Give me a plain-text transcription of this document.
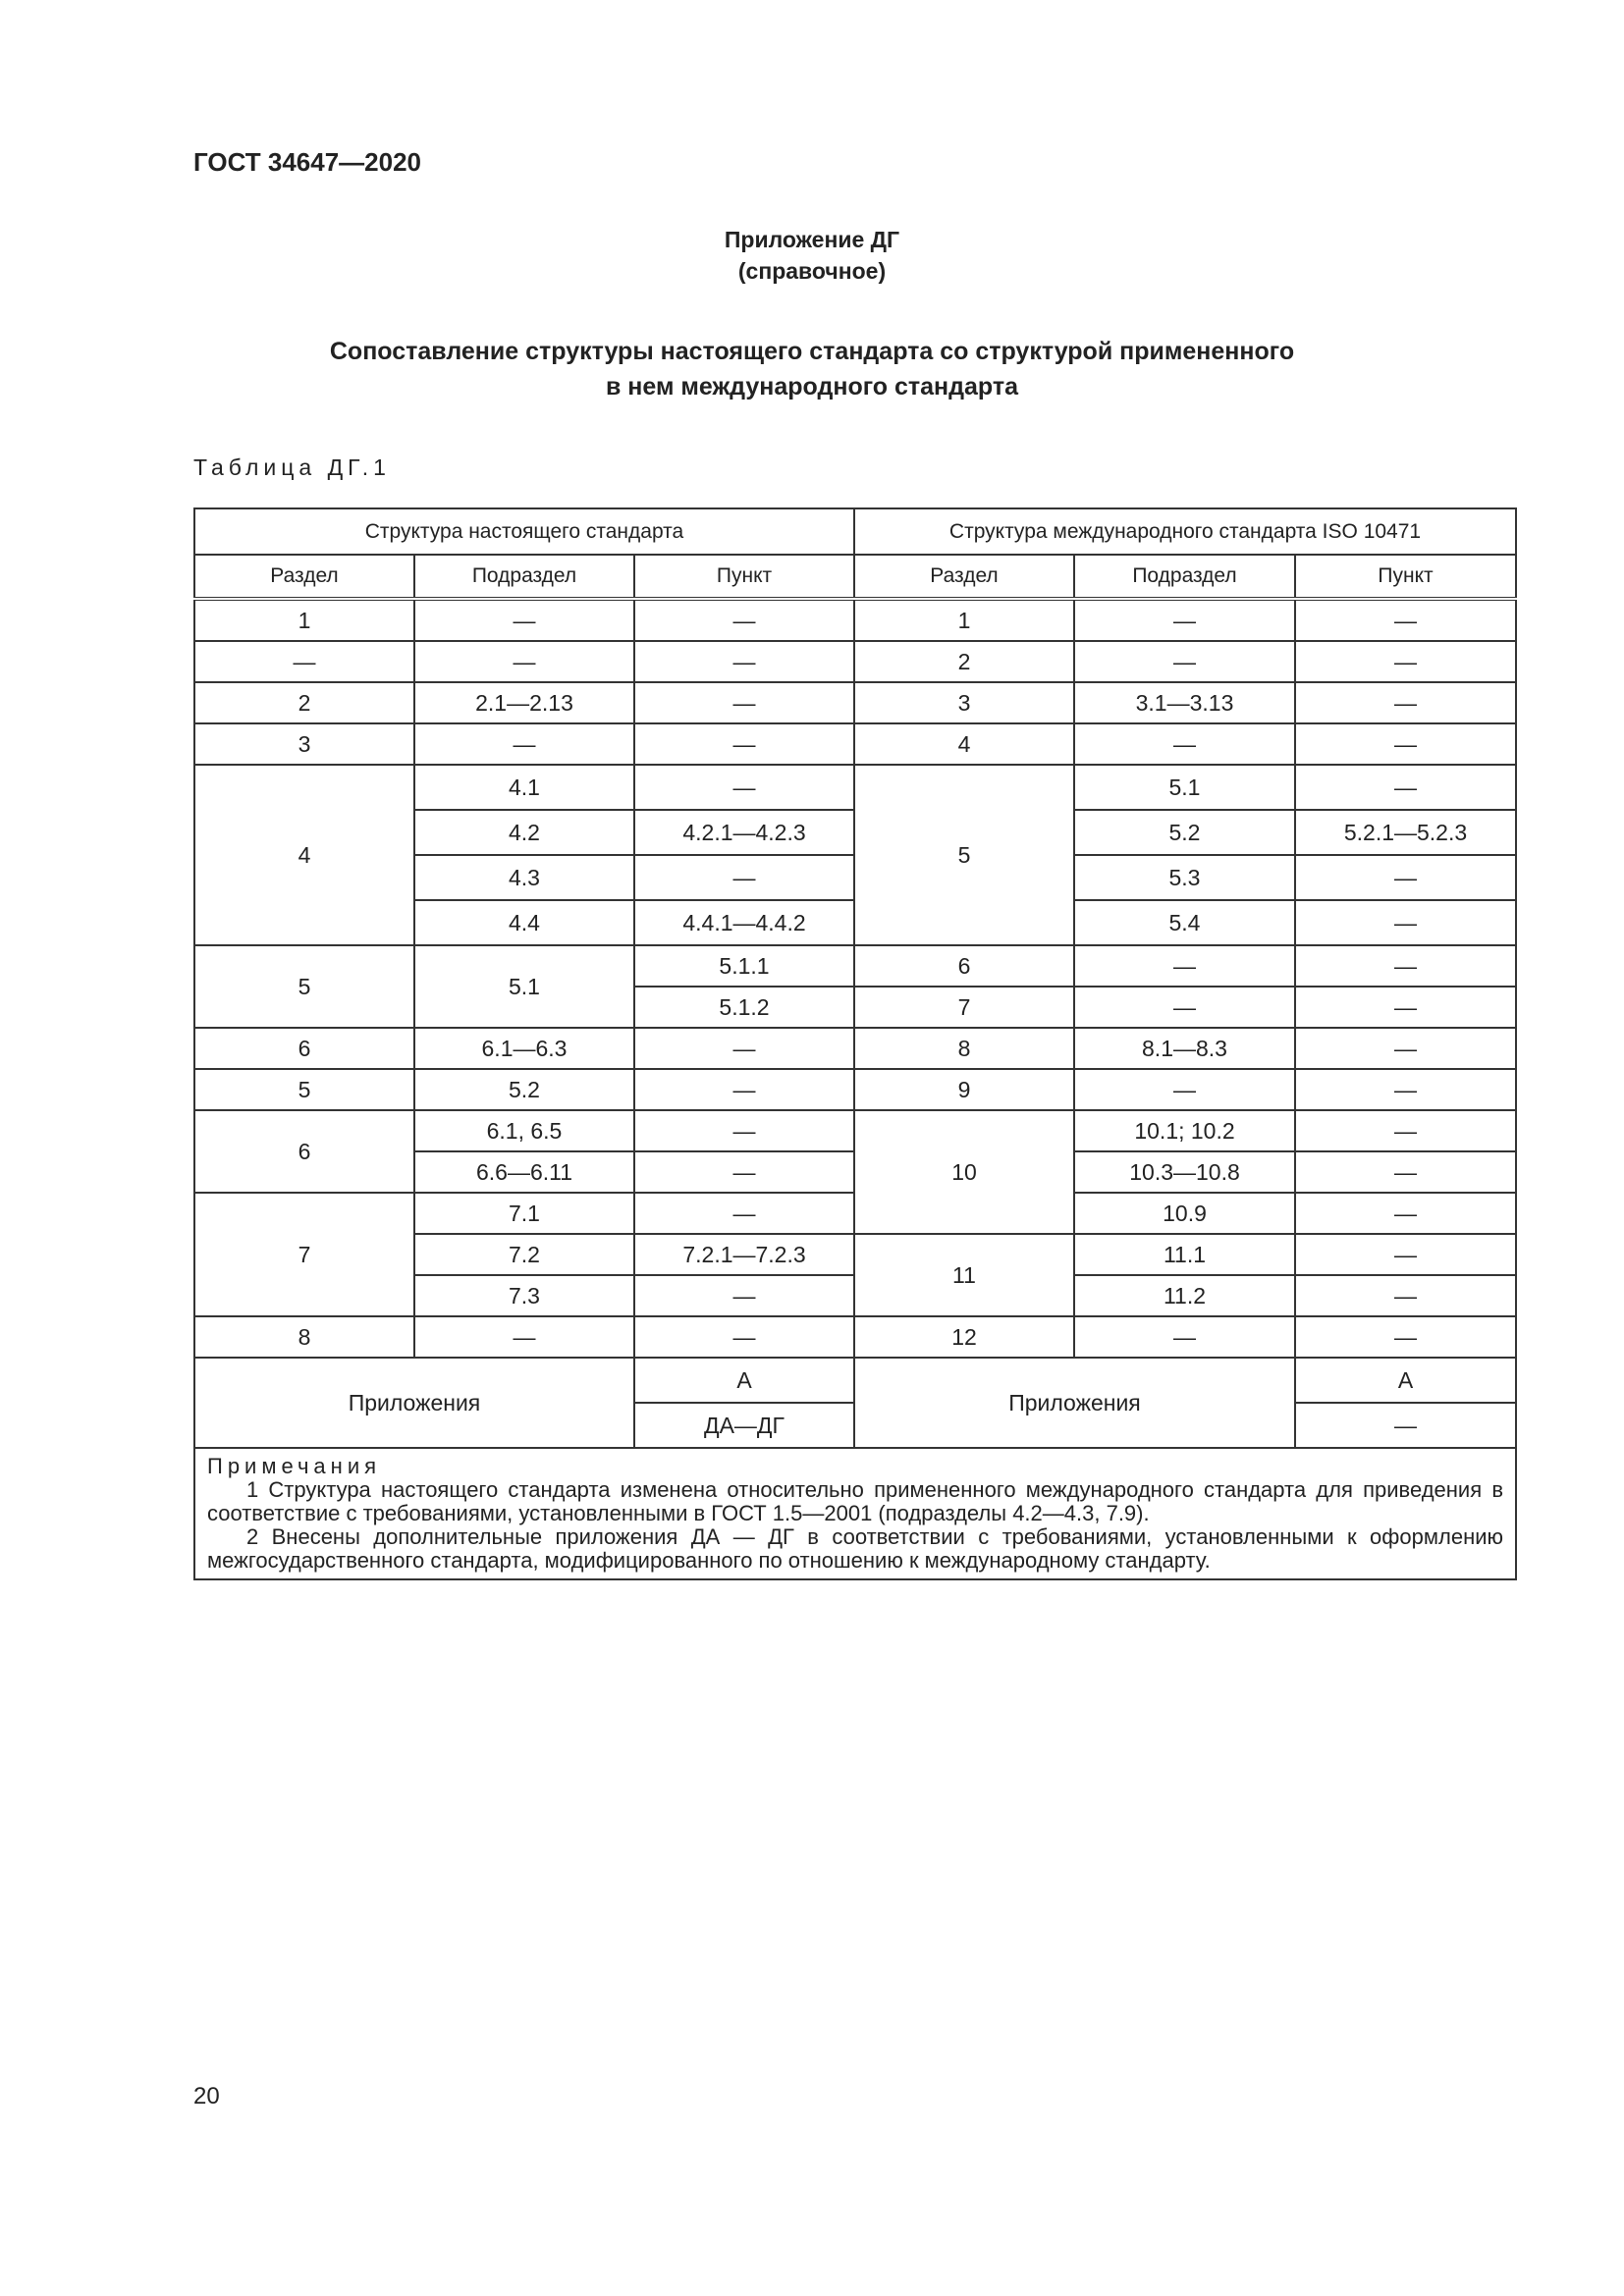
ГОСТ 34647—2020
Приложение ДГ
(справочное)
Сопоставление структуры настоящего стандарта со структурой примененного
в нем международного стандарта
Таблица ДГ.1
Структура настоящего стандарта			Структура международного стандарта ISO 10471		
Раздел	Подраздел	Пункт	Раздел	Подраздел	Пункт
1	—	—	1	—	—
—	—	—	2	—	—
2	2.1—2.13	—	3	3.1—3.13	—
3	—	—	4	—	—
4	4.1	—	5	5.1	—
	4.2	4.2.1—4.2.3		5.2	5.2.1—5.2.3
	4.3	—		5.3	—
	4.4	4.4.1—4.4.2		5.4	—
5	5.1	5.1.1	6	—	—
		5.1.2	7	—	—
6	6.1—6.3	—	8	8.1—8.3	—
5	5.2	—	9	—	—
6	6.1, 6.5	—	10	10.1; 10.2	—
	6.6—6.11	—		10.3—10.8	—
7	7.1	—		10.9	—
	7.2	7.2.1—7.2.3	11	11.1	—
	7.3	—		11.2	—
8	—	—	12	—	—
Приложения		А	Приложения		А
		ДА—ДГ			—

Примечания

1 Структура настоящего стандарта изменена относительно примененного международного стандарта для приведения в соответствие с требованиями, установленными в ГОСТ 1.5—2001 (подразделы 4.2—4.3, 7.9).

2 Внесены дополнительные приложения ДА — ДГ в соответствии с требованиями, установленными к оформлению межгосударственного стандарта, модифицированного по отношению к международному стандарту.					

20
